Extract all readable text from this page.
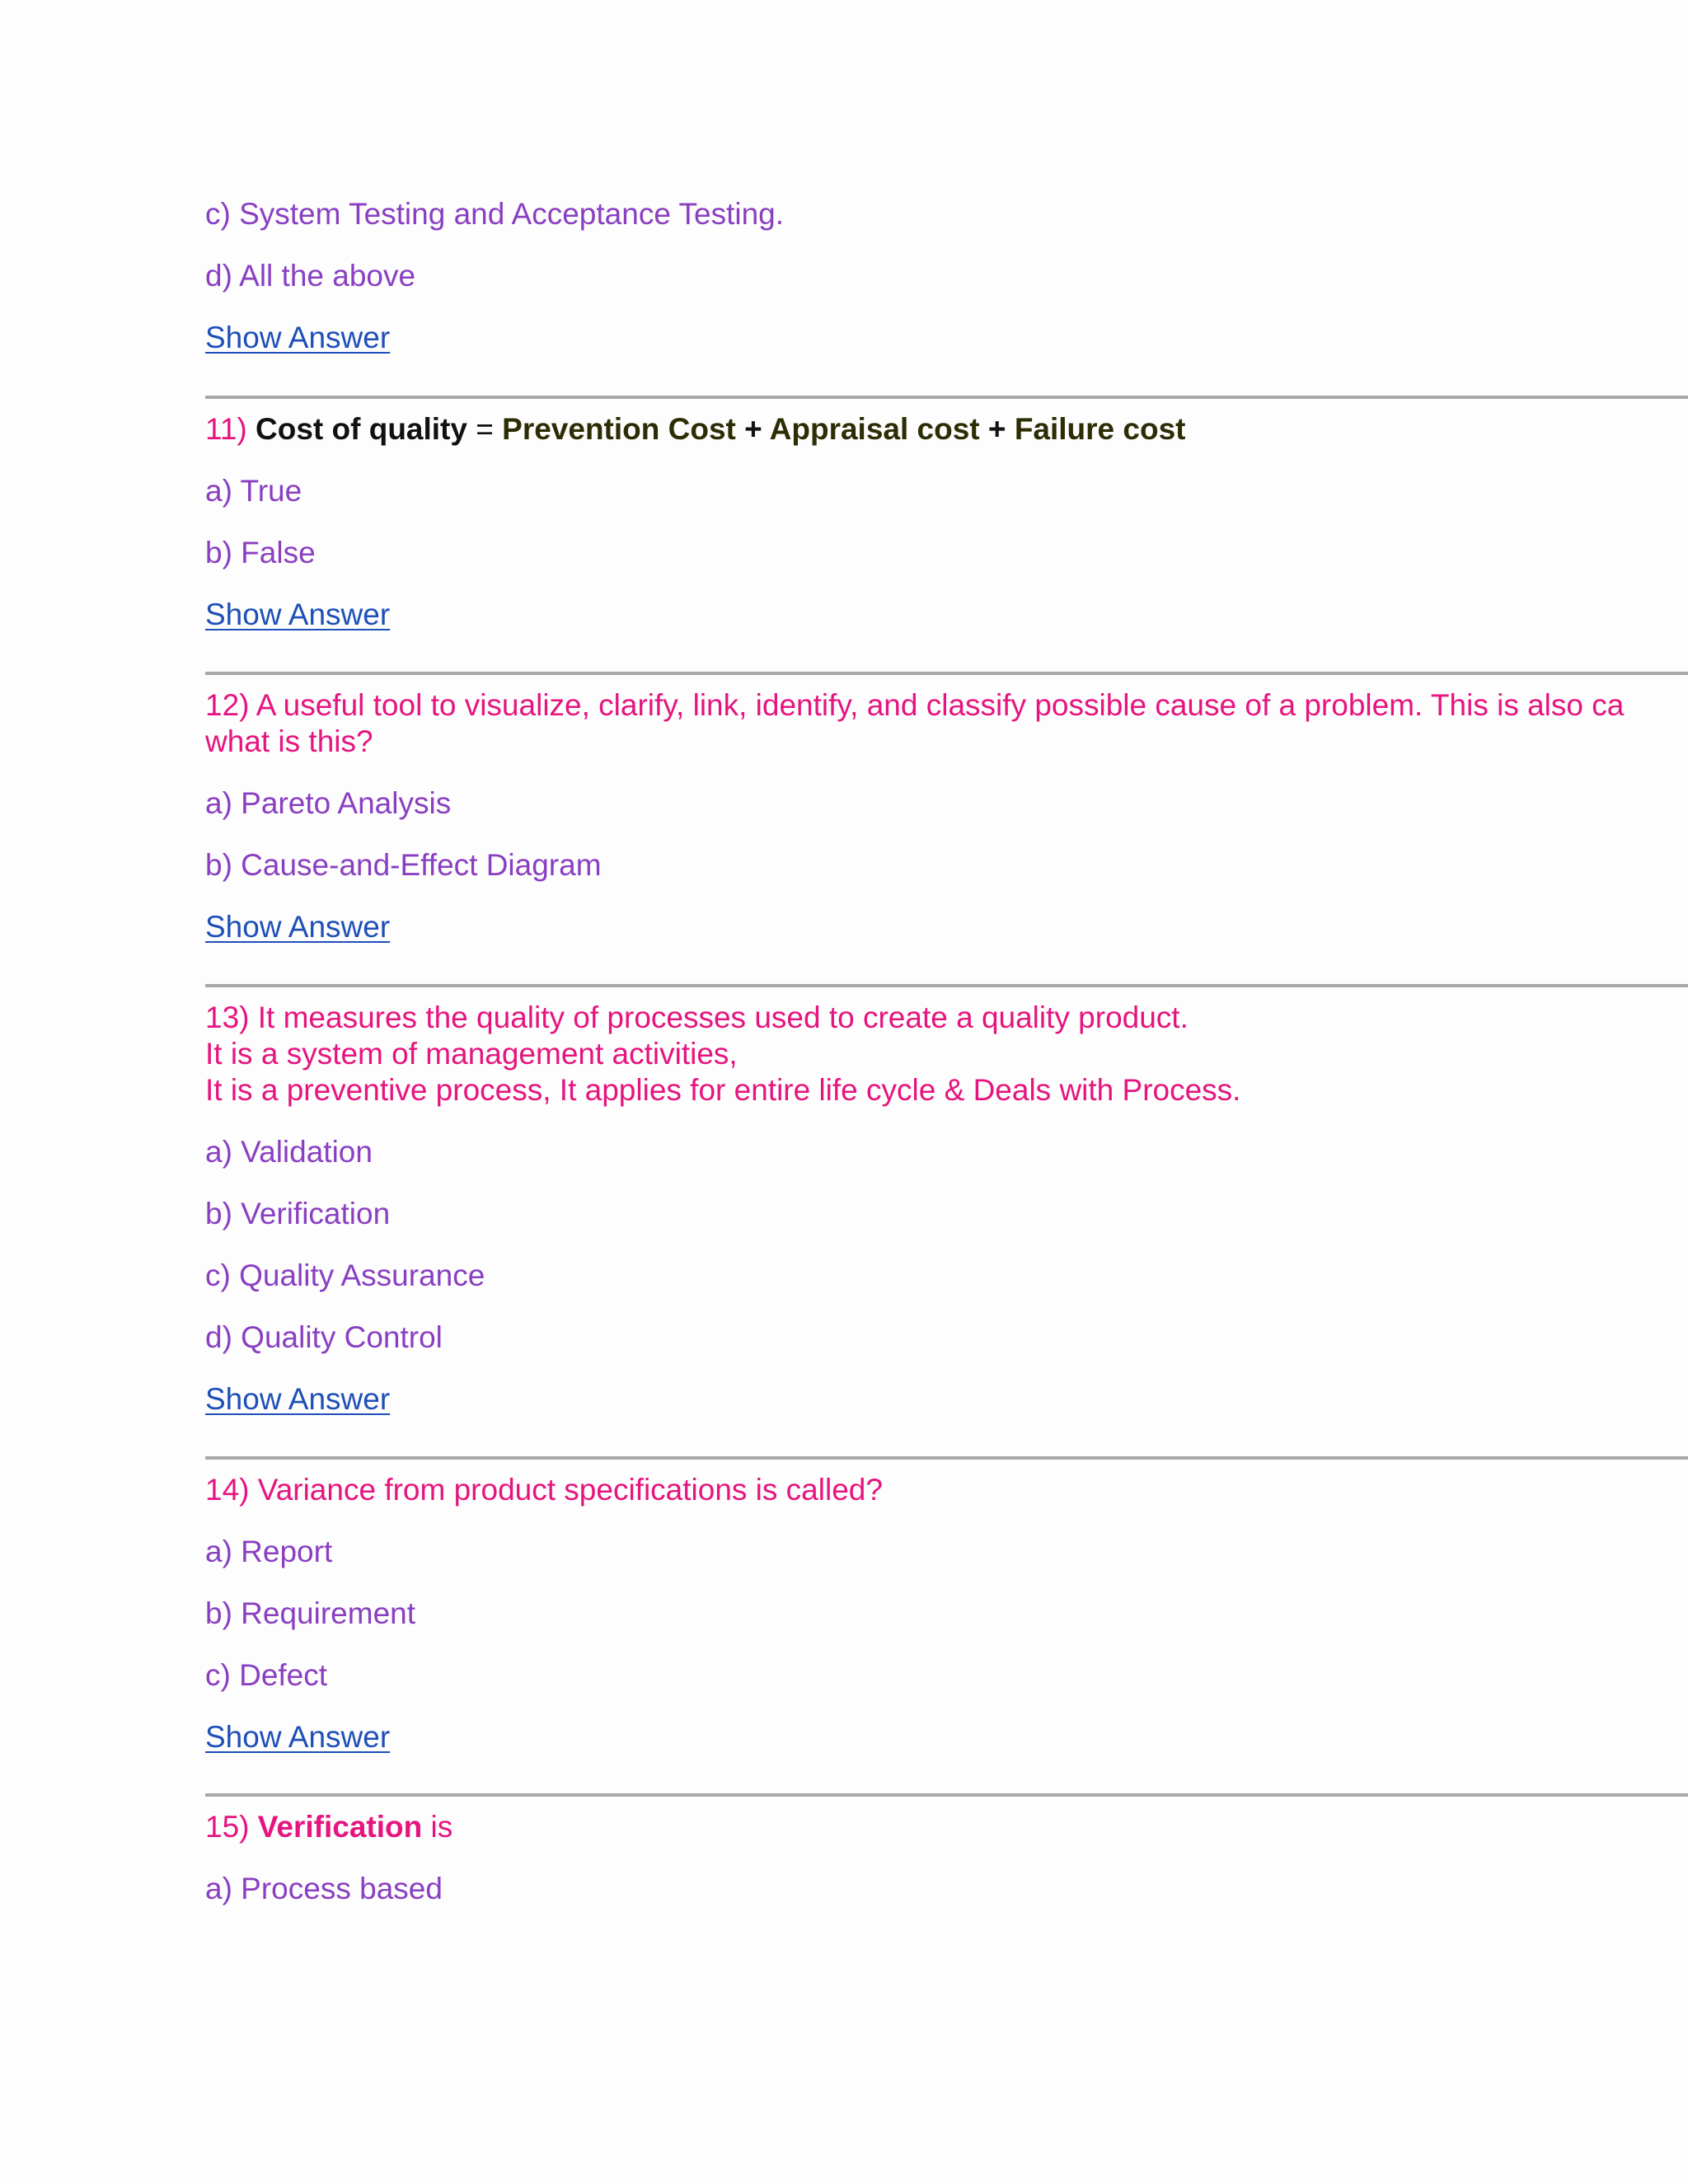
c) System Testing and Acceptance Testing.
d) All the above
Show Answer
11) Cost of quality = Prevention Cost + Appraisal cost + Failure cost
a) True
b) False
Show Answer
12) A useful tool to visualize, clarify, link, identify, and classify possible cause of a problem. This is also ca
what is this?
a) Pareto Analysis
b) Cause-and-Effect Diagram
Show Answer
13) It measures the quality of processes used to create a quality product.
It is a system of management activities,
It is a preventive process, It applies for entire life cycle & Deals with Process.
a) Validation
b) Verification
c) Quality Assurance
d) Quality Control
Show Answer
14) Variance from product specifications is called?
a) Report
b) Requirement
c) Defect
Show Answer
15) Verification is
a) Process based
